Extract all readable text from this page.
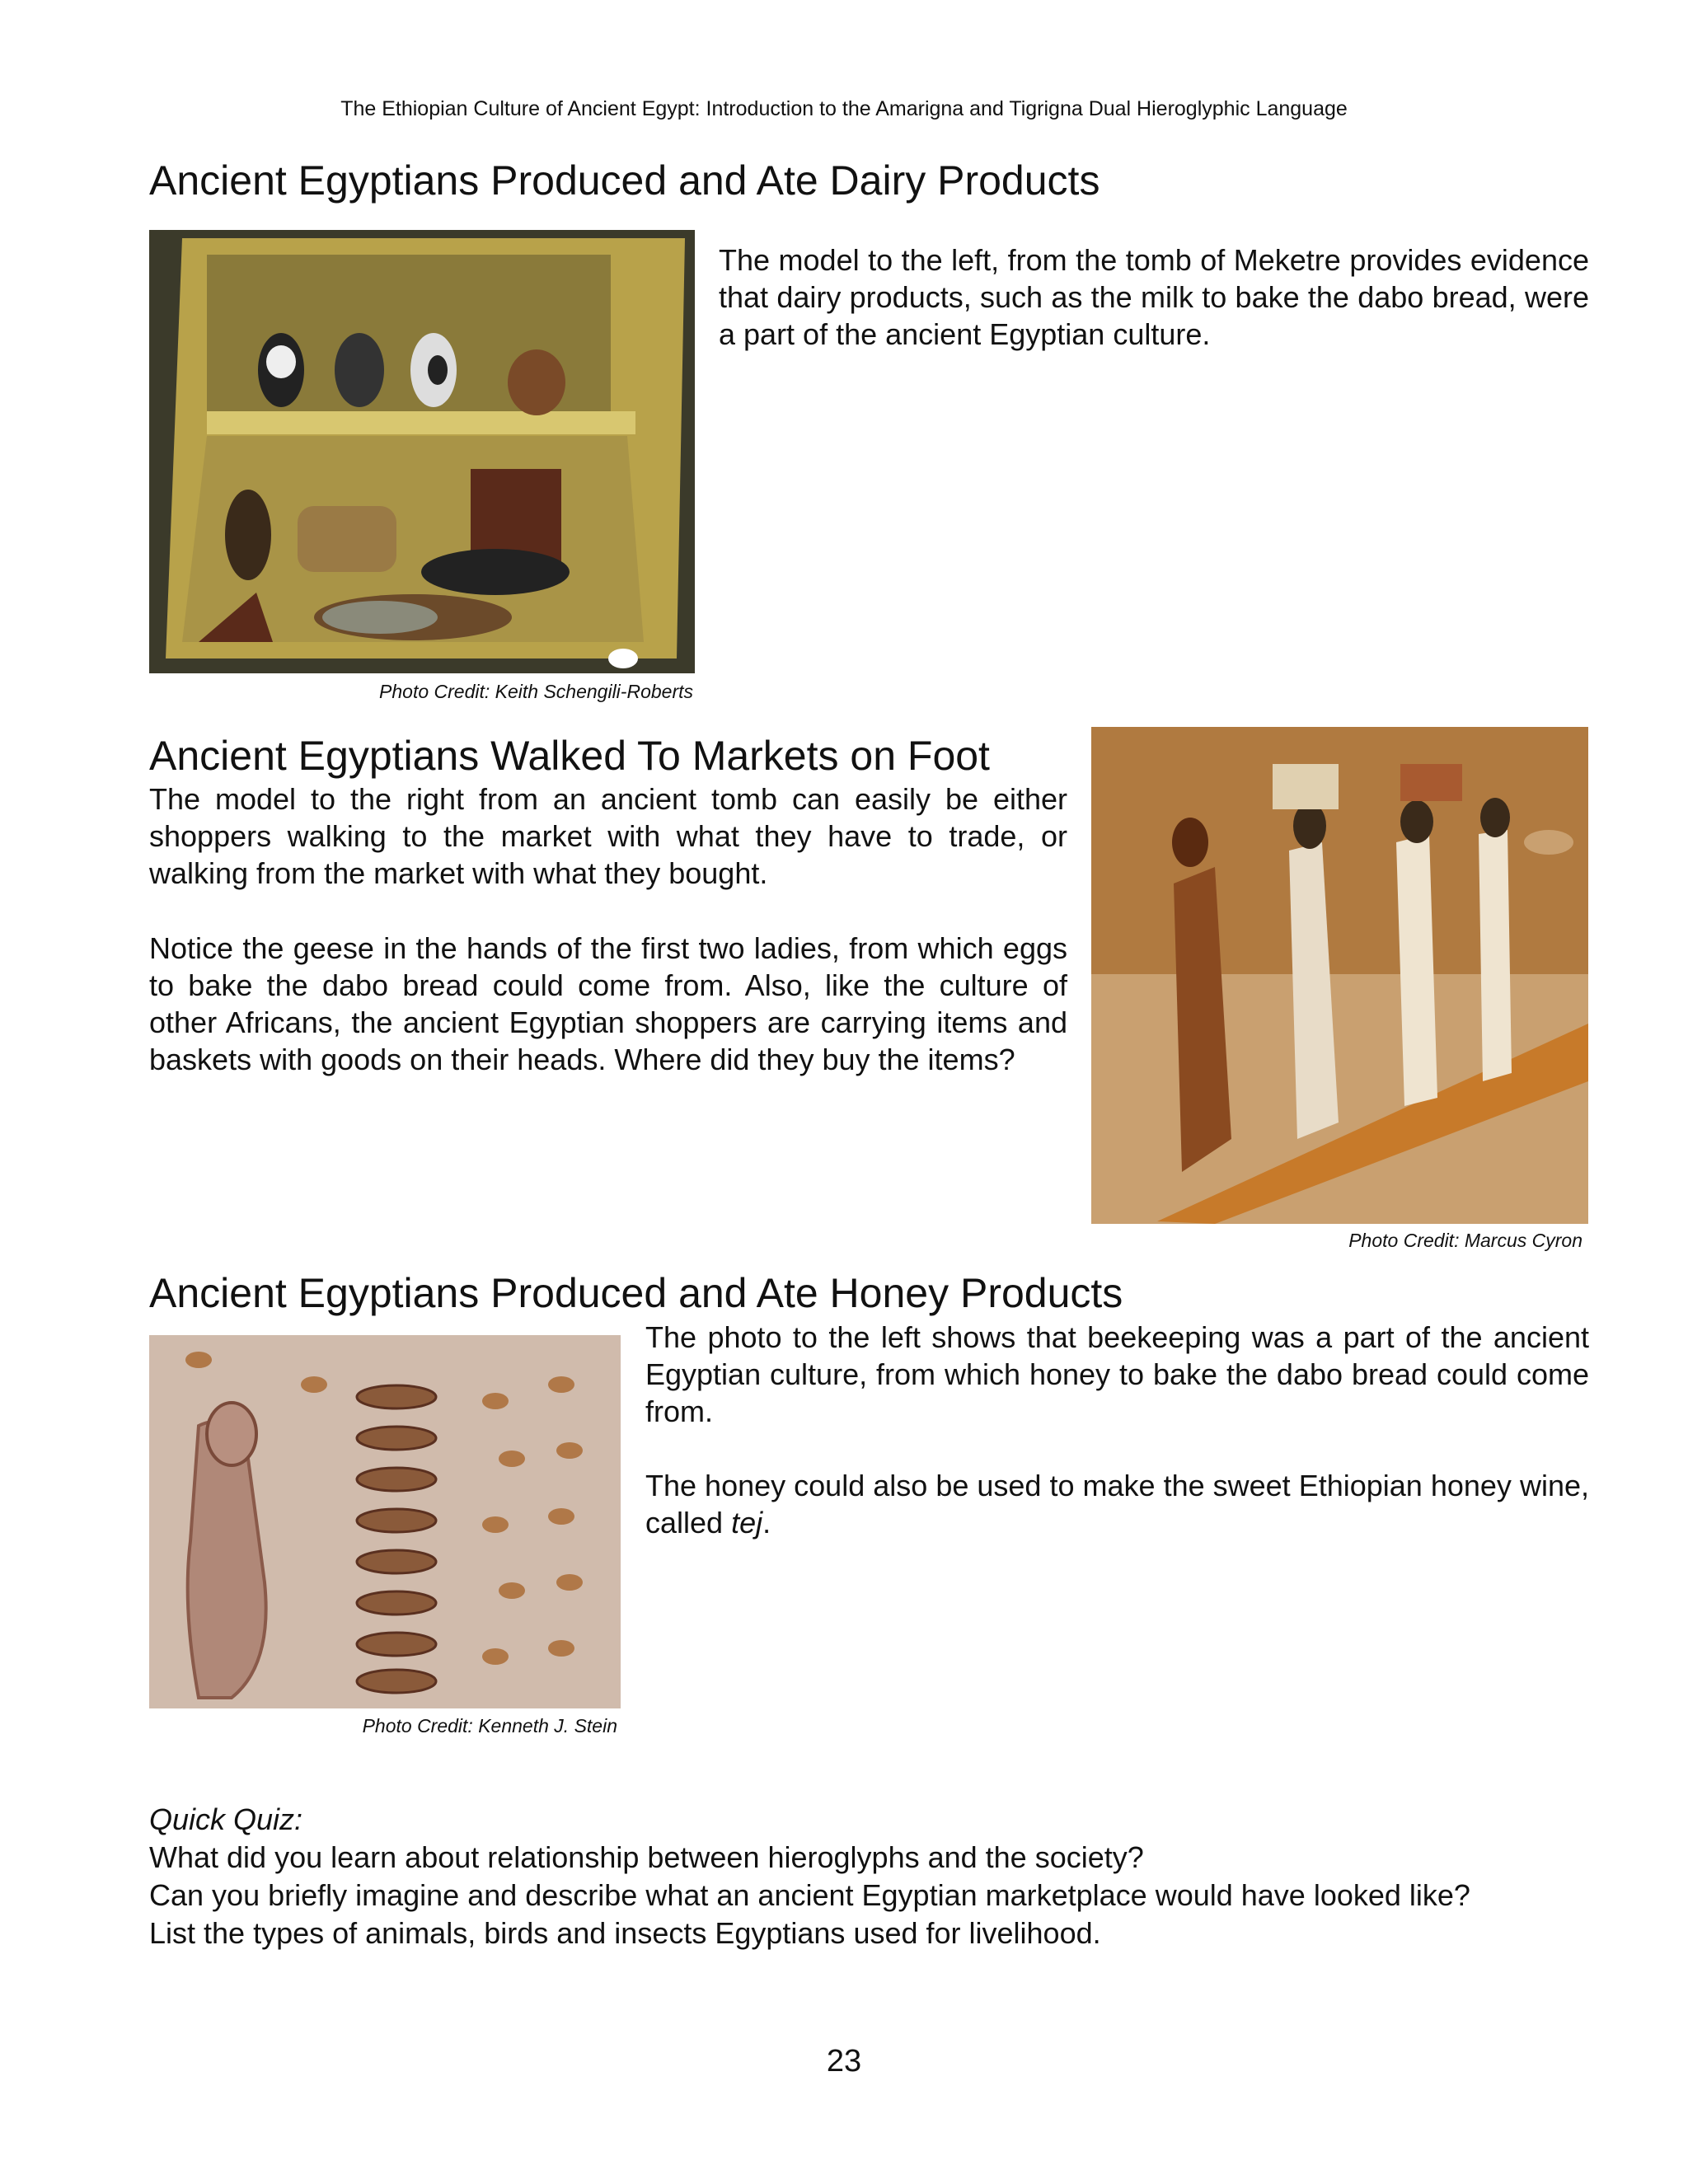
The Ethiopian Culture of Ancient Egypt: Introduction to the Amarigna and Tigrigna Dual Hieroglyphic Language
Ancient Egyptians Produced and Ate Dairy Products
Photo Credit: Keith Schengili-Roberts

The model to the left, from the tomb of Meketre provides evidence that dairy products, such as the milk to bake the dabo bread, were a part of the ancient Egyptian culture.

Ancient Egyptians Walked To Markets on Foot

The model to the right from an ancient tomb can easily be either shoppers walking to the market with what they have to trade, or walking from the market with what they bought.

Notice the geese in the hands of the first two ladies, from which eggs to bake the dabo bread could come from. Also, like the culture of other Africans, the ancient Egyptian shoppers are carrying items and baskets with goods on their heads. Where did they buy the items?

Photo Credit: Marcus Cyron
Ancient Egyptians Produced and Ate Honey Products
Photo Credit: Kenneth J. Stein

The photo to the left shows that beekeeping was a part of the ancient Egyptian culture, from which honey to bake the dabo bread could come from.

The honey could also be used to make the sweet Ethiopian honey wine, called tej.

Quick Quiz:

What did you learn about relationship between hieroglyphs and the society?

Can you briefly imagine and describe what an ancient Egyptian marketplace would have looked like?

List the types of animals, birds and insects Egyptians used for livelihood.

23
